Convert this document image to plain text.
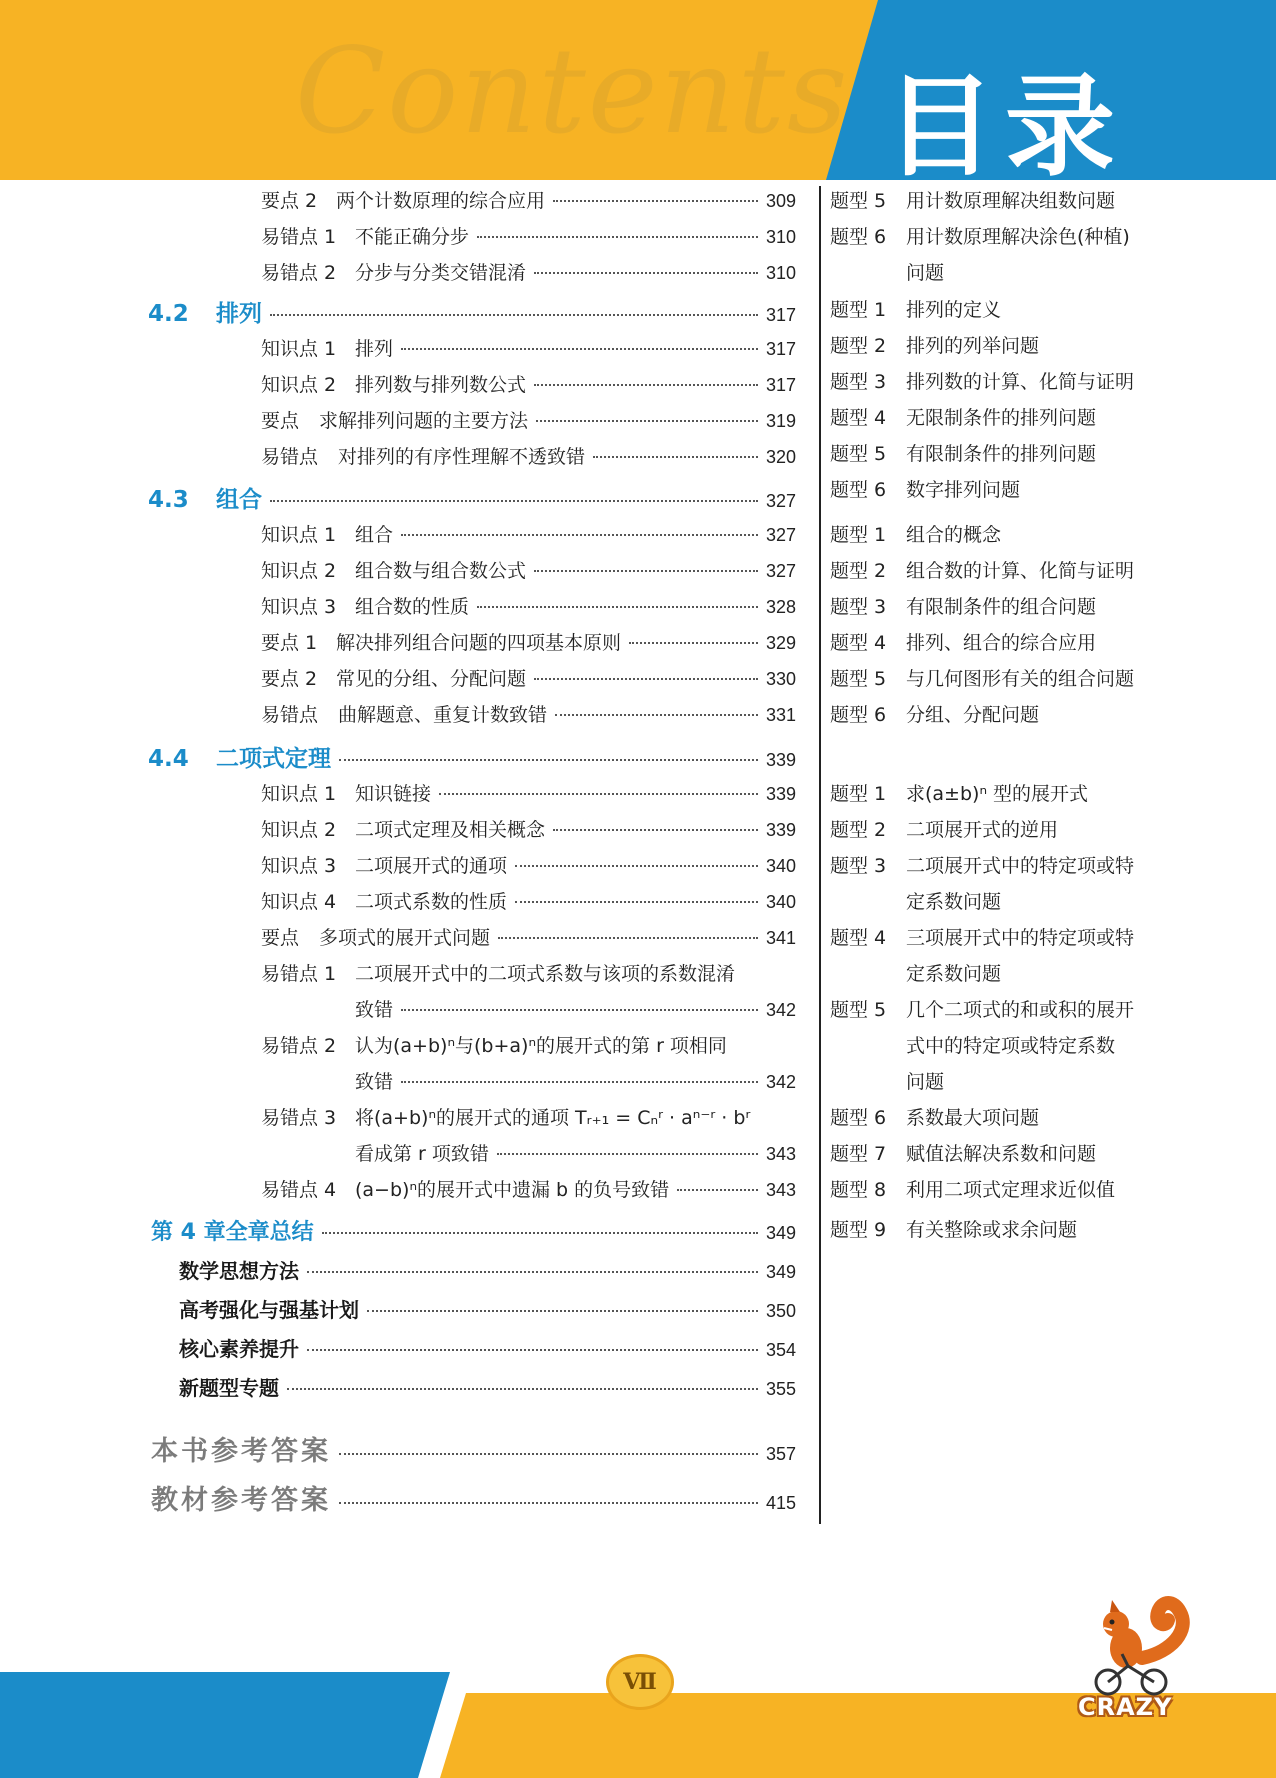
Contents 目录
要点 2 两个计数原理的综合应用	309
易错点 1 不能正确分步	310
易错点 2 分步与分类交错混淆	310
4.2	排列	317
知识点 1 排列	317
知识点 2 排列数与排列数公式	317
要点	求解排列问题的主要方法	319
易错点	对排列的有序性理解不透致错	320
4.3	组合	327
知识点 1 组合	327
知识点 2 组合数与组合数公式	327
知识点 3 组合数的性质	328
要点 1 解决排列组合问题的四项基本原则	329
要点 2 常见的分组、分配问题	330
易错点	曲解题意、重复计数致错	331
4.4	二项式定理	339
知识点 1 知识链接	339
知识点 2 二项式定理及相关概念	339
知识点 3 二项展开式的通项	340
知识点 4 二项式系数的性质	340
要点	多项式的展开式问题	341
易错点 1 二项展开式中的二项式系数与该项的系数混淆
致错	342
易错点 2 认为(a+b)ⁿ与(b+a)ⁿ的展开式的第 r 项相同
致错	342
易错点 3 将(a+b)ⁿ的展开式的通项 Tᵣ₊₁ = Cₙʳ · aⁿ⁻ʳ · bʳ
看成第 r 项致错	343
易错点 4 (a−b)ⁿ的展开式中遗漏 b 的负号致错	343
第 4 章全章总结	349
数学思想方法	349
高考强化与强基计划	350
核心素养提升	354
新题型专题	355
本书参考答案	357
教材参考答案	415
题型 5 用计数原理解决组数问题
题型 6 用计数原理解决涂色(种植)
问题
题型 1 排列的定义
题型 2 排列的列举问题
题型 3 排列数的计算、化简与证明
题型 4 无限制条件的排列问题
题型 5 有限制条件的排列问题
题型 6 数字排列问题
题型 1 组合的概念
题型 2 组合数的计算、化简与证明
题型 3 有限制条件的组合问题
题型 4 排列、组合的综合应用
题型 5 与几何图形有关的组合问题
题型 6 分组、分配问题
题型 1 求(a±b)ⁿ 型的展开式
题型 2 二项展开式的逆用
题型 3 二项展开式中的特定项或特
定系数问题
题型 4 三项展开式中的特定项或特
定系数问题
题型 5 几个二项式的和或积的展开
式中的特定项或特定系数
问题
题型 6 系数最大项问题
题型 7 赋值法解决系数和问题
题型 8 利用二项式定理求近似值
题型 9 有关整除或求余问题
Ⅶ
CRAZY
